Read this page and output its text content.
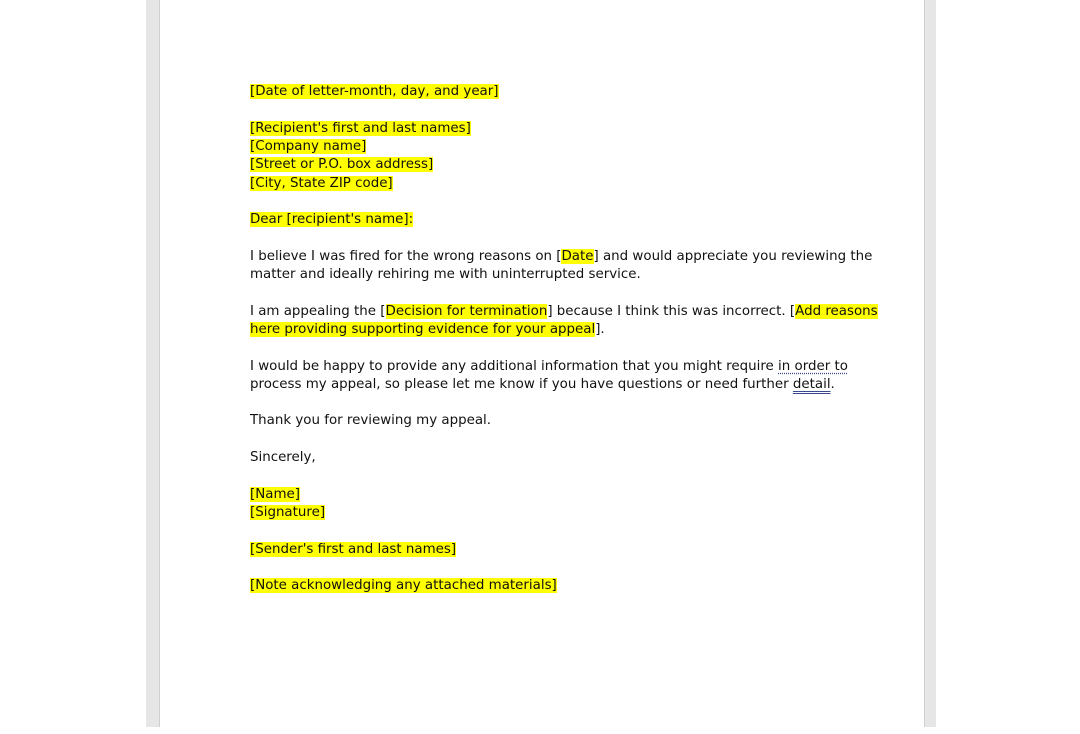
[Date of letter-month, day, and year]
[Recipient's first and last names]
[Company name]
[Street or P.O. box address]
[City, State ZIP code]
Dear [recipient's name]:
I believe I was fired for the wrong reasons on [Date] and would appreciate you reviewing the
matter and ideally rehiring me with uninterrupted service.
I am appealing the [Decision for termination] because I think this was incorrect. [Add reasons
here providing supporting evidence for your appeal].
I would be happy to provide any additional information that you might require in order to
process my appeal, so please let me know if you have questions or need further detail.
Thank you for reviewing my appeal.
Sincerely,
[Name]
[Signature]
[Sender's first and last names]
[Note acknowledging any attached materials]
